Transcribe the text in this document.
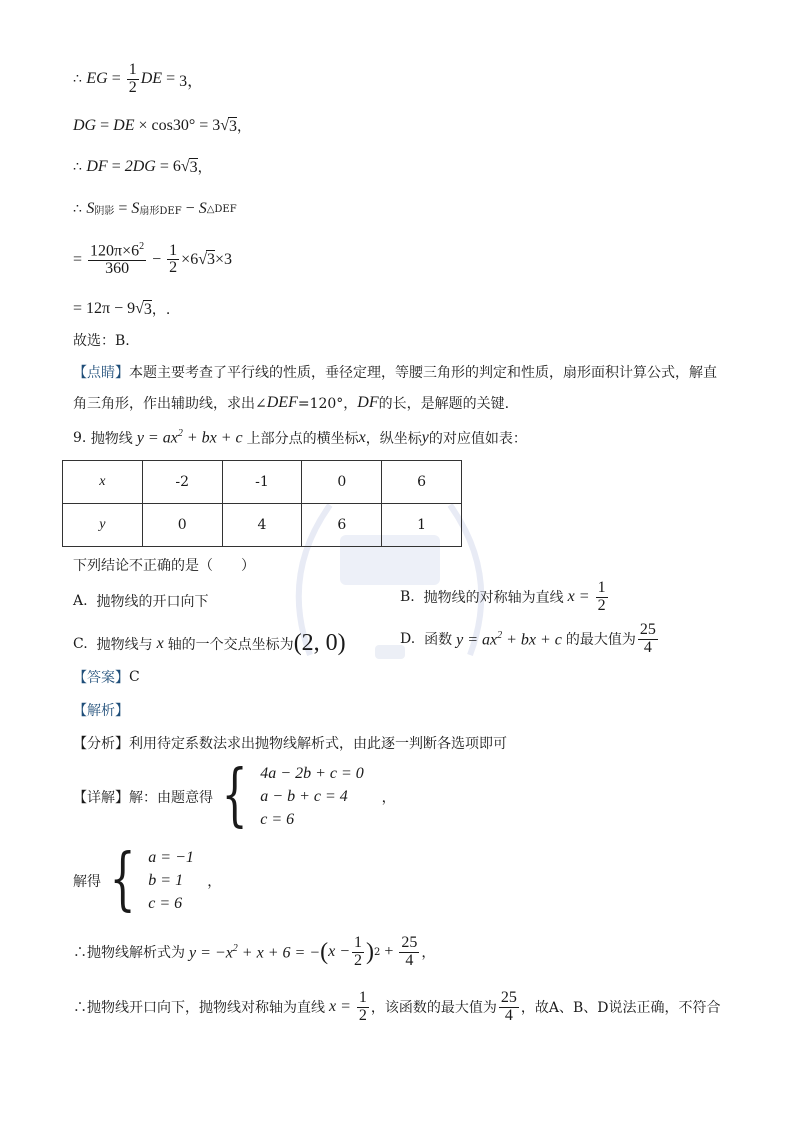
∴
EG = $\frac{1}{2}$ DE = 3，
DG = DE × cos30° = 3 √ 3 ，
∴ DF = 2DG = 6 √ 3 ，
∴ S 阴影 = S 扇形DEF − S △DEF
= $\frac{120\pi\times 6^2}{360} - \frac{1}{2} \times 6$ √ 3 ×3
= 12π − 9 √ 3 ，.
故选：B.
【点睛】 本题主要考查了平行线的性质，垂径定理，等腰三角形的判定和性质，扇形面积计算公式，解直
角三角形，作出辅助线，求出∠ DEF =120°， DF 的长，是解题的关键.
9.
抛物线 $y = ax^2$ + bx + c 上部分点的横坐标 x ，纵坐标 y 的对应值如表：
x	-2	-1	0	6
y	0	4	6	1
下列结论不正确的是（　　）
A.
抛物线的开口向下	B.
抛物线的对称轴为直线 $x = \frac{1}{2}$
C.
抛物线与 x 轴的一个交点坐标为 (2, 0)	D.
函数 $y = ax^2$ + bx + c 的最大值为 $\frac{25}{4}$
【答案】 C
【解析】
【分析】 利用待定系数法求出抛物线解析式，由此逐一判断各选项即可
【详解】 解：由题意得 { 4a − 2b + c = 0
a − b + c = 4
c = 6

，
解得 { a = −1
b = 1
c = 6

，
∴抛物线解析式为 $y = -x^2 + x + 6$ = − ( $x - \frac{1}{2}$ ) $2 + \frac{25}{4}$ ，
∴抛物线开口向下，抛物线对称轴为直线 $x = \frac{1}{2}$ ，该函数的最大值为 $\frac{25}{4}$ ，故A、B、D说法正确，不符合
